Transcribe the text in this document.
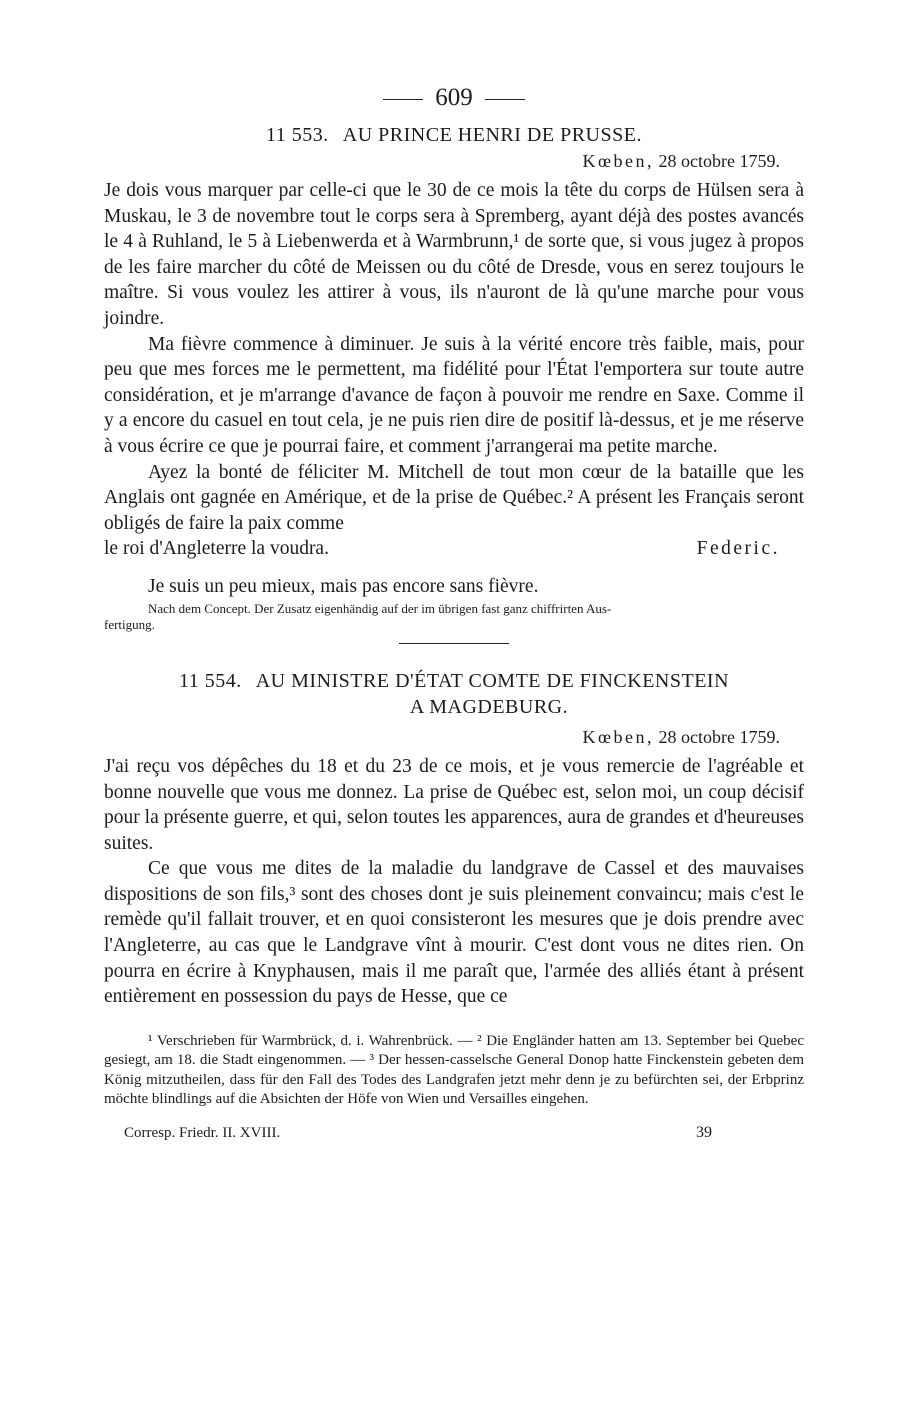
609
11 553. AU PRINCE HENRI DE PRUSSE.
Kœben, 28 octobre 1759.

Je dois vous marquer par celle-ci que le 30 de ce mois la tête du corps de Hülsen sera à Muskau, le 3 de novembre tout le corps sera à Spremberg, ayant déjà des postes avancés le 4 à Ruhland, le 5 à Liebenwerda et à Warmbrunn,¹ de sorte que, si vous jugez à propos de les faire marcher du côté de Meissen ou du côté de Dresde, vous en serez toujours le maître. Si vous voulez les attirer à vous, ils n'auront de là qu'une marche pour vous joindre.

Ma fièvre commence à diminuer. Je suis à la vérité encore très faible, mais, pour peu que mes forces me le permettent, ma fidélité pour l'État l'emportera sur toute autre considération, et je m'arrange d'avance de façon à pouvoir me rendre en Saxe. Comme il y a encore du casuel en tout cela, je ne puis rien dire de positif là-dessus, et je me réserve à vous écrire ce que je pourrai faire, et comment j'arrangerai ma petite marche.

Ayez la bonté de féliciter M. Mitchell de tout mon cœur de la bataille que les Anglais ont gagnée en Amérique, et de la prise de Québec.² A présent les Français seront obligés de faire la paix comme

le roi d'Angleterre la voudra.	Federic.

Je suis un peu mieux, mais pas encore sans fièvre.

Nach dem Concept. Der Zusatz eigenhändig auf der im übrigen fast ganz chiffrirten Aus-
fertigung.
11 554. AU MINISTRE D'ÉTAT COMTE DE FINCKENSTEIN
A MAGDEBURG.
Kœben, 28 octobre 1759.

J'ai reçu vos dépêches du 18 et du 23 de ce mois, et je vous remercie de l'agréable et bonne nouvelle que vous me donnez. La prise de Québec est, selon moi, un coup décisif pour la présente guerre, et qui, selon toutes les apparences, aura de grandes et d'heureuses suites.

Ce que vous me dites de la maladie du landgrave de Cassel et des mauvaises dispositions de son fils,³ sont des choses dont je suis pleinement convaincu; mais c'est le remède qu'il fallait trouver, et en quoi consisteront les mesures que je dois prendre avec l'Angleterre, au cas que le Landgrave vînt à mourir. C'est dont vous ne dites rien. On pourra en écrire à Knyphausen, mais il me paraît que, l'armée des alliés étant à présent entièrement en possession du pays de Hesse, que ce

¹ Verschrieben für Warmbrück, d. i. Wahrenbrück. — ² Die Engländer hatten am 13. September bei Quebec gesiegt, am 18. die Stadt eingenommen. — ³ Der hessen-casselsche General Donop hatte Finckenstein gebeten dem König mitzutheilen, dass für den Fall des Todes des Landgrafen jetzt mehr denn je zu befürchten sei, der Erbprinz möchte blindlings auf die Absichten der Höfe von Wien und Versailles eingehen.
Corresp. Friedr. II. XVIII.	39
